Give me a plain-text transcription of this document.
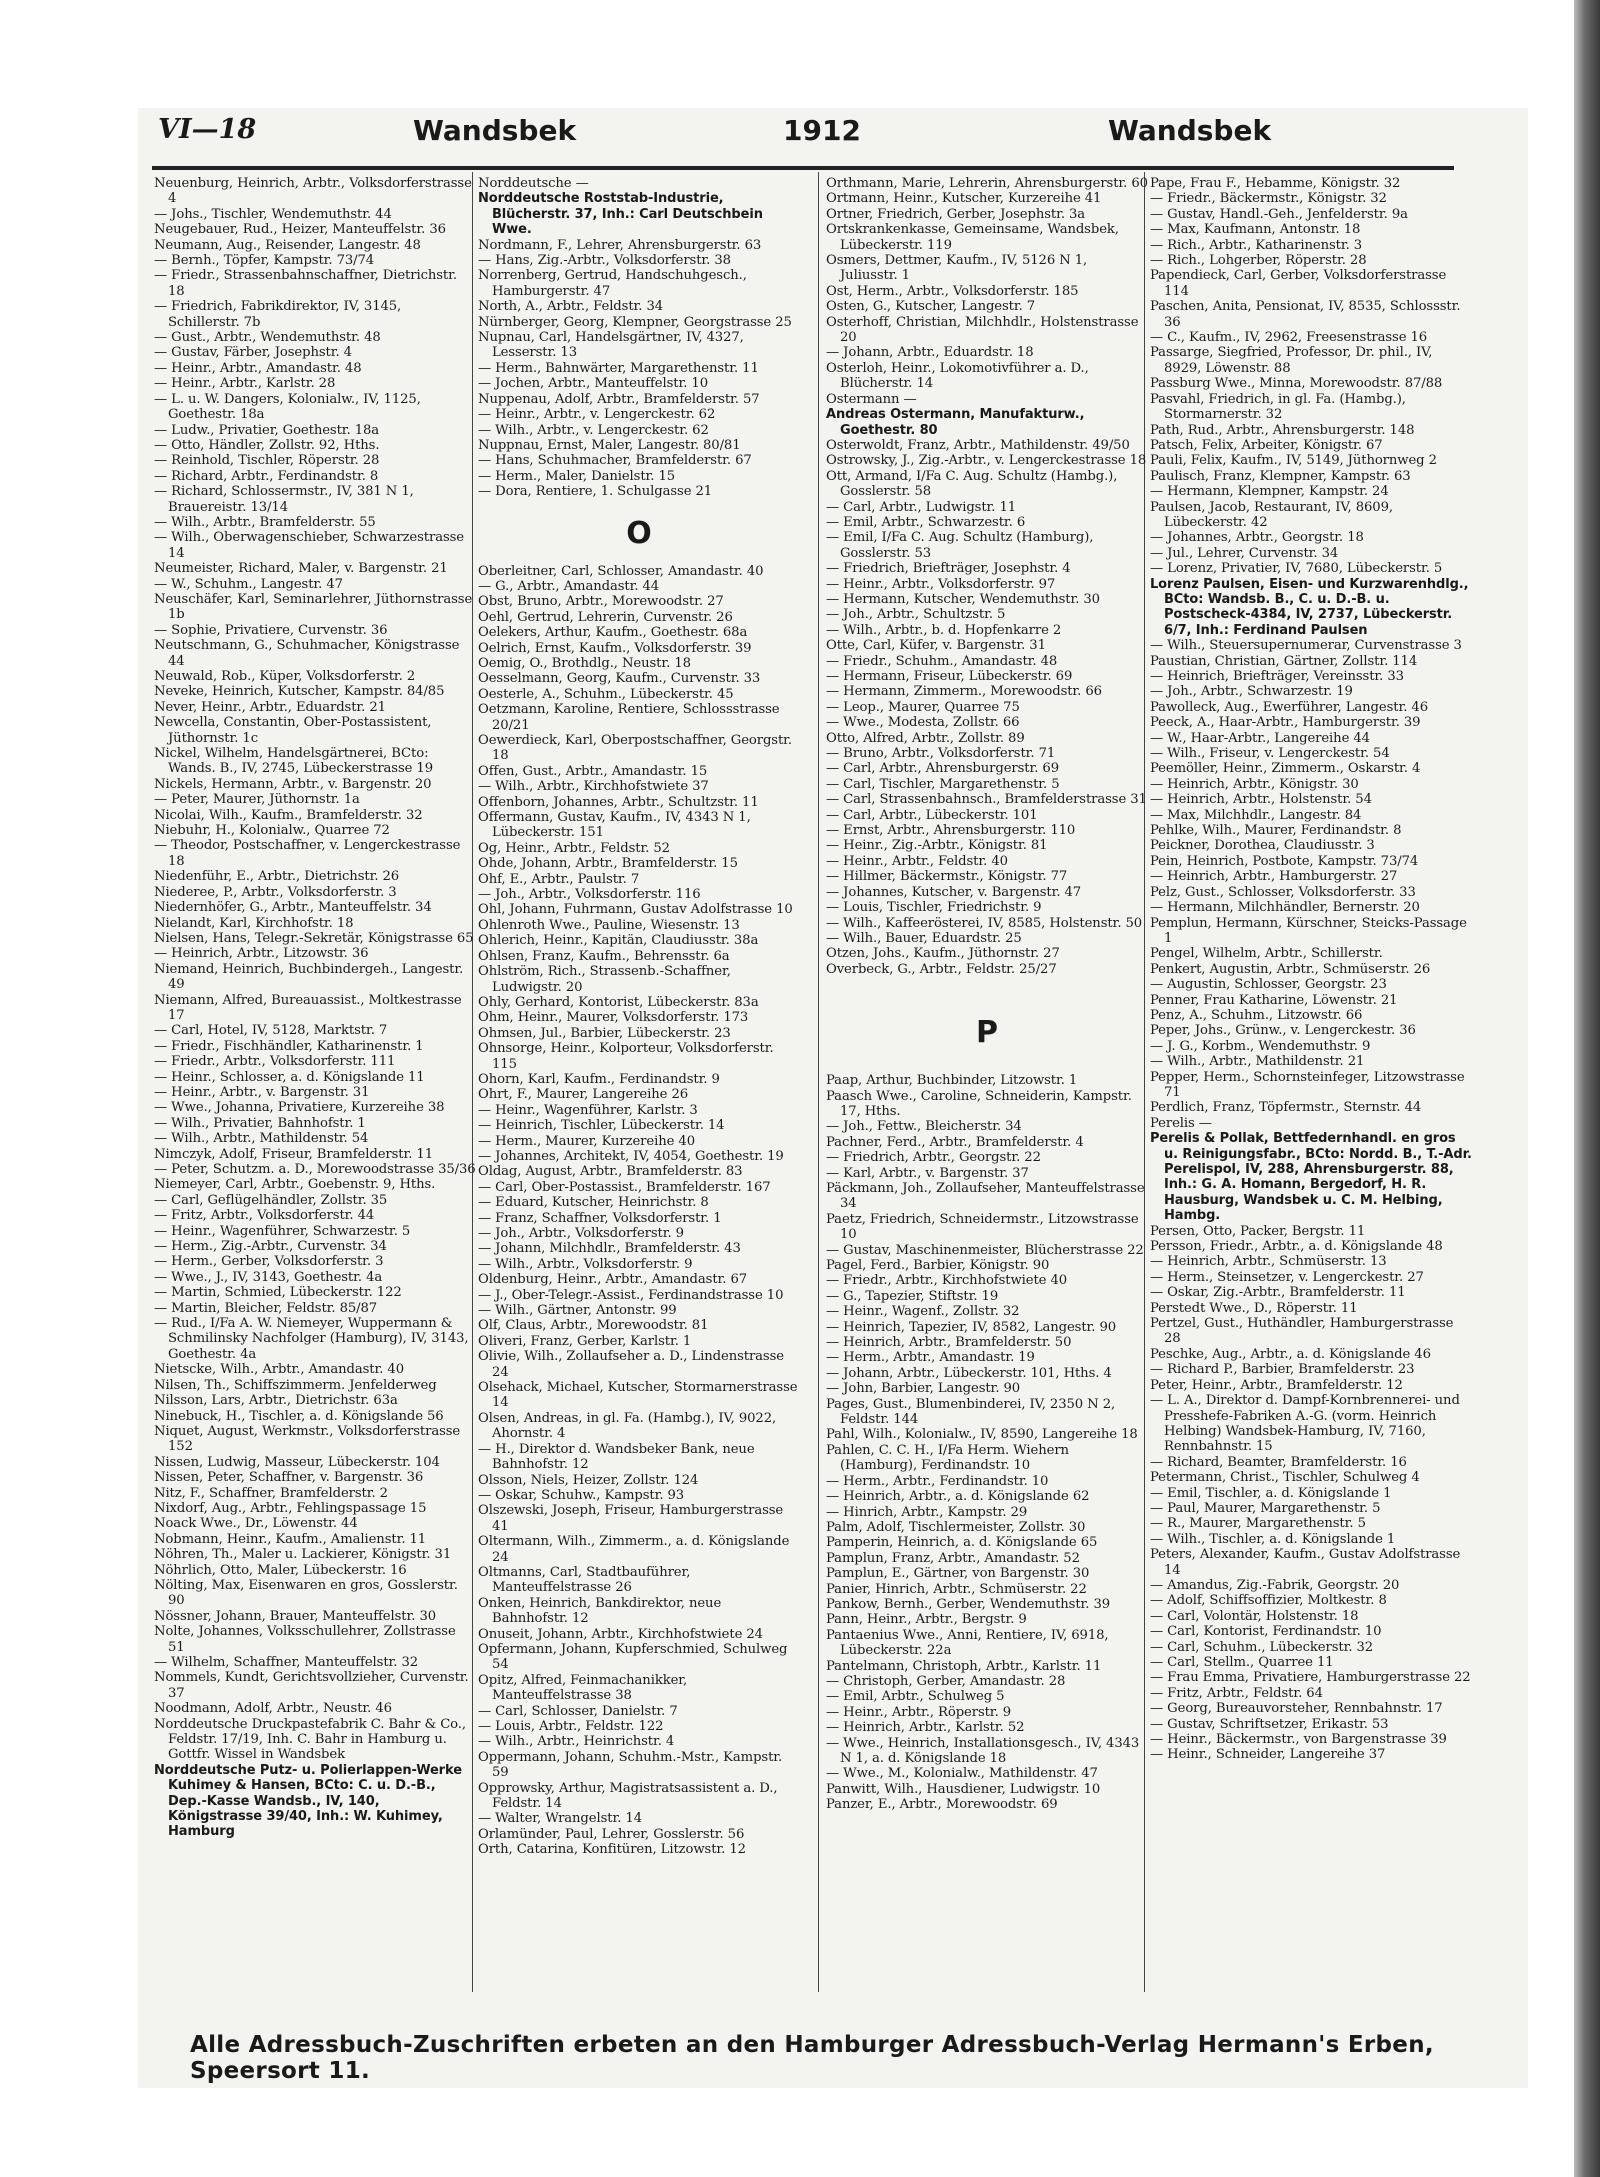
VI—18	Wandsbek	1912	Wandsbek

Neuenburg, Heinrich, Arbtr., Volksdorferstrasse 4

— Johs., Tischler, Wendemuthstr. 44

Neugebauer, Rud., Heizer, Manteuffelstr. 36

Neumann, Aug., Reisender, Langestr. 48

— Bernh., Töpfer, Kampstr. 73/74

— Friedr., Strassenbahnschaffner, Dietrichstr. 18

— Friedrich, Fabrikdirektor, IV, 3145, Schillerstr. 7b

— Gust., Arbtr., Wendemuthstr. 48

— Gustav, Färber, Josephstr. 4

— Heinr., Arbtr., Amandastr. 48

— Heinr., Arbtr., Karlstr. 28

— L. u. W. Dangers, Kolonialw., IV, 1125, Goethestr. 18a

— Ludw., Privatier, Goethestr. 18a

— Otto, Händler, Zollstr. 92, Hths.

— Reinhold, Tischler, Röperstr. 28

— Richard, Arbtr., Ferdinandstr. 8

— Richard, Schlossermstr., IV, 381 N 1, Brauereistr. 13/14

— Wilh., Arbtr., Bramfelderstr. 55

— Wilh., Oberwagenschieber, Schwarzestrasse 14

Neumeister, Richard, Maler, v. Bargenstr. 21

— W., Schuhm., Langestr. 47

Neuschäfer, Karl, Seminarlehrer, Jüthornstrasse 1b

— Sophie, Privatiere, Curvenstr. 36

Neutschmann, G., Schuhmacher, Königstrasse 44

Neuwald, Rob., Küper, Volksdorferstr. 2

Neveke, Heinrich, Kutscher, Kampstr. 84/85

Never, Heinr., Arbtr., Eduardstr. 21

Newcella, Constantin, Ober-Postassistent, Jüthornstr. 1c

Nickel, Wilhelm, Handelsgärtnerei, BCto: Wands. B., IV, 2745, Lübeckerstrasse 19

Nickels, Hermann, Arbtr., v. Bargenstr. 20

— Peter, Maurer, Jüthornstr. 1a

Nicolai, Wilh., Kaufm., Bramfelderstr. 32

Niebuhr, H., Kolonialw., Quarree 72

— Theodor, Postschaffner, v. Lengerckestrasse 18

Niedenführ, E., Arbtr., Dietrichstr. 26

Niederee, P., Arbtr., Volksdorferstr. 3

Niedernhöfer, G., Arbtr., Manteuffelstr. 34

Nielandt, Karl, Kirchhofstr. 18

Nielsen, Hans, Telegr.-Sekretär, Königstrasse 65

— Heinrich, Arbtr., Litzowstr. 36

Niemand, Heinrich, Buchbindergeh., Langestr. 49

Niemann, Alfred, Bureauassist., Moltkestrasse 17

— Carl, Hotel, IV, 5128, Marktstr. 7

— Friedr., Fischhändler, Katharinenstr. 1

— Friedr., Arbtr., Volksdorferstr. 111

— Heinr., Schlosser, a. d. Königslande 11

— Heinr., Arbtr., v. Bargenstr. 31

— Wwe., Johanna, Privatiere, Kurzereihe 38

— Wilh., Privatier, Bahnhofstr. 1

— Wilh., Arbtr., Mathildenstr. 54

Nimczyk, Adolf, Friseur, Bramfelderstr. 11

— Peter, Schutzm. a. D., Morewoodstrasse 35/36

Niemeyer, Carl, Arbtr., Goebenstr. 9, Hths.

— Carl, Geflügelhändler, Zollstr. 35

— Fritz, Arbtr., Volksdorferstr. 44

— Heinr., Wagenführer, Schwarzestr. 5

— Herm., Zig.-Arbtr., Curvenstr. 34

— Herm., Gerber, Volksdorferstr. 3

— Wwe., J., IV, 3143, Goethestr. 4a

— Martin, Schmied, Lübeckerstr. 122

— Martin, Bleicher, Feldstr. 85/87

— Rud., I/Fa A. W. Niemeyer, Wuppermann & Schmilinsky Nachfolger (Hamburg), IV, 3143, Goethestr. 4a

Nietscke, Wilh., Arbtr., Amandastr. 40

Nilsen, Th., Schiffszimmerm. Jenfelderweg

Nilsson, Lars, Arbtr., Dietrichstr. 63a

Ninebuck, H., Tischler, a. d. Königslande 56

Niquet, August, Werkmstr., Volksdorferstrasse 152

Nissen, Ludwig, Masseur, Lübeckerstr. 104

Nissen, Peter, Schaffner, v. Bargenstr. 36

Nitz, F., Schaffner, Bramfelderstr. 2

Nixdorf, Aug., Arbtr., Fehlingspassage 15

Noack Wwe., Dr., Löwenstr. 44

Nobmann, Heinr., Kaufm., Amalienstr. 11

Nöhren, Th., Maler u. Lackierer, Königstr. 31

Nöhrlich, Otto, Maler, Lübeckerstr. 16

Nölting, Max, Eisenwaren en gros, Gosslerstr. 90

Nössner, Johann, Brauer, Manteuffelstr. 30

Nolte, Johannes, Volksschullehrer, Zollstrasse 51

— Wilhelm, Schaffner, Manteuffelstr. 32

Nommels, Kundt, Gerichtsvollzieher, Curvenstr. 37

Noodmann, Adolf, Arbtr., Neustr. 46

Norddeutsche Druckpastefabrik C. Bahr & Co., Feldstr. 17/19, Inh. C. Bahr in Hamburg u. Gottfr. Wissel in Wandsbek

Norddeutsche Putz- u. Polierlappen-Werke Kuhimey & Hansen, BCto: C. u. D.-B., Dep.-Kasse Wandsb., IV, 140, Königstrasse 39/40, Inh.: W. Kuhimey, Hamburg

Norddeutsche —

Norddeutsche Roststab-Industrie, Blücherstr. 37, Inh.: Carl Deutschbein Wwe.

Nordmann, F., Lehrer, Ahrensburgerstr. 63

— Hans, Zig.-Arbtr., Volksdorferstr. 38

Norrenberg, Gertrud, Handschuhgesch., Hamburgerstr. 47

North, A., Arbtr., Feldstr. 34

Nürnberger, Georg, Klempner, Georgstrasse 25

Nupnau, Carl, Handelsgärtner, IV, 4327, Lesserstr. 13

— Herm., Bahnwärter, Margarethenstr. 11

— Jochen, Arbtr., Manteuffelstr. 10

Nuppenau, Adolf, Arbtr., Bramfelderstr. 57

— Heinr., Arbtr., v. Lengerckestr. 62

— Wilh., Arbtr., v. Lengerckestr. 62

Nuppnau, Ernst, Maler, Langestr. 80/81

— Hans, Schuhmacher, Bramfelderstr. 67

— Herm., Maler, Danielstr. 15

— Dora, Rentiere, 1. Schulgasse 21

O

Oberleitner, Carl, Schlosser, Amandastr. 40

— G., Arbtr., Amandastr. 44

Obst, Bruno, Arbtr., Morewoodstr. 27

Oehl, Gertrud, Lehrerin, Curvenstr. 26

Oelekers, Arthur, Kaufm., Goethestr. 68a

Oelrich, Ernst, Kaufm., Volksdorferstr. 39

Oemig, O., Brothdlg., Neustr. 18

Oesselmann, Georg, Kaufm., Curvenstr. 33

Oesterle, A., Schuhm., Lübeckerstr. 45

Oetzmann, Karoline, Rentiere, Schlossstrasse 20/21

Oewerdieck, Karl, Oberpostschaffner, Georgstr. 18

Offen, Gust., Arbtr., Amandastr. 15

— Wilh., Arbtr., Kirchhofstwiete 37

Offenborn, Johannes, Arbtr., Schultzstr. 11

Offermann, Gustav, Kaufm., IV, 4343 N 1, Lübeckerstr. 151

Og, Heinr., Arbtr., Feldstr. 52

Ohde, Johann, Arbtr., Bramfelderstr. 15

Ohf, E., Arbtr., Paulstr. 7

— Joh., Arbtr., Volksdorferstr. 116

Ohl, Johann, Fuhrmann, Gustav Adolfstrasse 10

Ohlenroth Wwe., Pauline, Wiesenstr. 13

Ohlerich, Heinr., Kapitän, Claudiusstr. 38a

Ohlsen, Franz, Kaufm., Behrensstr. 6a

Ohlström, Rich., Strassenb.-Schaffner, Ludwigstr. 20

Ohly, Gerhard, Kontorist, Lübeckerstr. 83a

Ohm, Heinr., Maurer, Volksdorferstr. 173

Ohmsen, Jul., Barbier, Lübeckerstr. 23

Ohnsorge, Heinr., Kolporteur, Volksdorferstr. 115

Ohorn, Karl, Kaufm., Ferdinandstr. 9

Ohrt, F., Maurer, Langereihe 26

— Heinr., Wagenführer, Karlstr. 3

— Heinrich, Tischler, Lübeckerstr. 14

— Herm., Maurer, Kurzereihe 40

— Johannes, Architekt, IV, 4054, Goethestr. 19

Oldag, August, Arbtr., Bramfelderstr. 83

— Carl, Ober-Postassist., Bramfelderstr. 167

— Eduard, Kutscher, Heinrichstr. 8

— Franz, Schaffner, Volksdorferstr. 1

— Joh., Arbtr., Volksdorferstr. 9

— Johann, Milchhdlr., Bramfelderstr. 43

— Wilh., Arbtr., Volksdorferstr. 9

Oldenburg, Heinr., Arbtr., Amandastr. 67

— J., Ober-Telegr.-Assist., Ferdinandstrasse 10

— Wilh., Gärtner, Antonstr. 99

Olf, Claus, Arbtr., Morewoodstr. 81

Oliveri, Franz, Gerber, Karlstr. 1

Olivie, Wilh., Zollaufseher a. D., Lindenstrasse 24

Olsehack, Michael, Kutscher, Stormarnerstrasse 14

Olsen, Andreas, in gl. Fa. (Hambg.), IV, 9022, Ahornstr. 4

— H., Direktor d. Wandsbeker Bank, neue Bahnhofstr. 12

Olsson, Niels, Heizer, Zollstr. 124

— Oskar, Schuhw., Kampstr. 93

Olszewski, Joseph, Friseur, Hamburgerstrasse 41

Oltermann, Wilh., Zimmerm., a. d. Königslande 24

Oltmanns, Carl, Stadtbauführer, Manteuffelstrasse 26

Onken, Heinrich, Bankdirektor, neue Bahnhofstr. 12

Onuseit, Johann, Arbtr., Kirchhofstwiete 24

Opfermann, Johann, Kupferschmied, Schulweg 54

Opitz, Alfred, Feinmachanikker, Manteuffelstrasse 38

— Carl, Schlosser, Danielstr. 7

— Louis, Arbtr., Feldstr. 122

— Wilh., Arbtr., Heinrichstr. 4

Oppermann, Johann, Schuhm.-Mstr., Kampstr. 59

Opprowsky, Arthur, Magistratsassistent a. D., Feldstr. 14

— Walter, Wrangelstr. 14

Orlamünder, Paul, Lehrer, Gosslerstr. 56

Orth, Catarina, Konfitüren, Litzowstr. 12

Orthmann, Marie, Lehrerin, Ahrensburgerstr. 60

Ortmann, Heinr., Kutscher, Kurzereihe 41

Ortner, Friedrich, Gerber, Josephstr. 3a

Ortskrankenkasse, Gemeinsame, Wandsbek, Lübeckerstr. 119

Osmers, Dettmer, Kaufm., IV, 5126 N 1, Juliusstr. 1

Ost, Herm., Arbtr., Volksdorferstr. 185

Osten, G., Kutscher, Langestr. 7

Osterhoff, Christian, Milchhdlr., Holstenstrasse 20

— Johann, Arbtr., Eduardstr. 18

Osterloh, Heinr., Lokomotivführer a. D., Blücherstr. 14

Ostermann —

Andreas Ostermann, Manufakturw., Goethestr. 80

Osterwoldt, Franz, Arbtr., Mathildenstr. 49/50

Ostrowsky, J., Zig.-Arbtr., v. Lengerckestrasse 18

Ott, Armand, I/Fa C. Aug. Schultz (Hambg.), Gosslerstr. 58

— Carl, Arbtr., Ludwigstr. 11

— Emil, Arbtr., Schwarzestr. 6

— Emil, I/Fa C. Aug. Schultz (Hamburg), Gosslerstr. 53

— Friedrich, Briefträger, Josephstr. 4

— Heinr., Arbtr., Volksdorferstr. 97

— Hermann, Kutscher, Wendemuthstr. 30

— Joh., Arbtr., Schultzstr. 5

— Wilh., Arbtr., b. d. Hopfenkarre 2

Otte, Carl, Küfer, v. Bargenstr. 31

— Friedr., Schuhm., Amandastr. 48

— Hermann, Friseur, Lübeckerstr. 69

— Hermann, Zimmerm., Morewoodstr. 66

— Leop., Maurer, Quarree 75

— Wwe., Modesta, Zollstr. 66

Otto, Alfred, Arbtr., Zollstr. 89

— Bruno, Arbtr., Volksdorferstr. 71

— Carl, Arbtr., Ahrensburgerstr. 69

— Carl, Tischler, Margarethenstr. 5

— Carl, Strassenbahnsch., Bramfelderstrasse 31

— Carl, Arbtr., Lübeckerstr. 101

— Ernst, Arbtr., Ahrensburgerstr. 110

— Heinr., Zig.-Arbtr., Königstr. 81

— Heinr., Arbtr., Feldstr. 40

— Hillmer, Bäckermstr., Königstr. 77

— Johannes, Kutscher, v. Bargenstr. 47

— Louis, Tischler, Friedrichstr. 9

— Wilh., Kaffeerösterei, IV, 8585, Holstenstr. 50

— Wilh., Bauer, Eduardstr. 25

Otzen, Johs., Kaufm., Jüthornstr. 27

Overbeck, G., Arbtr., Feldstr. 25/27

P

Paap, Arthur, Buchbinder, Litzowstr. 1

Paasch Wwe., Caroline, Schneiderin, Kampstr. 17, Hths.

— Joh., Fettw., Bleicherstr. 34

Pachner, Ferd., Arbtr., Bramfelderstr. 4

— Friedrich, Arbtr., Georgstr. 22

— Karl, Arbtr., v. Bargenstr. 37

Päckmann, Joh., Zollaufseher, Manteuffelstrasse 34

Paetz, Friedrich, Schneidermstr., Litzowstrasse 10

— Gustav, Maschinenmeister, Blücherstrasse 22

Pagel, Ferd., Barbier, Königstr. 90

— Friedr., Arbtr., Kirchhofstwiete 40

— G., Tapezier, Stiftstr. 19

— Heinr., Wagenf., Zollstr. 32

— Heinrich, Tapezier, IV, 8582, Langestr. 90

— Heinrich, Arbtr., Bramfelderstr. 50

— Herm., Arbtr., Amandastr. 19

— Johann, Arbtr., Lübeckerstr. 101, Hths. 4

— John, Barbier, Langestr. 90

Pages, Gust., Blumenbinderei, IV, 2350 N 2, Feldstr. 144

Pahl, Wilh., Kolonialw., IV, 8590, Langereihe 18

Pahlen, C. C. H., I/Fa Herm. Wiehern (Hamburg), Ferdinandstr. 10

— Herm., Arbtr., Ferdinandstr. 10

— Heinrich, Arbtr., a. d. Königslande 62

— Hinrich, Arbtr., Kampstr. 29

Palm, Adolf, Tischlermeister, Zollstr. 30

Pamperin, Heinrich, a. d. Königslande 65

Pamplun, Franz, Arbtr., Amandastr. 52

Pamplun, E., Gärtner, von Bargenstr. 30

Panier, Hinrich, Arbtr., Schmüserstr. 22

Pankow, Bernh., Gerber, Wendemuthstr. 39

Pann, Heinr., Arbtr., Bergstr. 9

Pantaenius Wwe., Anni, Rentiere, IV, 6918, Lübeckerstr. 22a

Pantelmann, Christoph, Arbtr., Karlstr. 11

— Christoph, Gerber, Amandastr. 28

— Emil, Arbtr., Schulweg 5

— Heinr., Arbtr., Röperstr. 9

— Heinrich, Arbtr., Karlstr. 52

— Wwe., Heinrich, Installationsgesch., IV, 4343 N 1, a. d. Königslande 18

— Wwe., M., Kolonialw., Mathildenstr. 47

Panwitt, Wilh., Hausdiener, Ludwigstr. 10

Panzer, E., Arbtr., Morewoodstr. 69

Pape, Frau F., Hebamme, Königstr. 32

— Friedr., Bäckermstr., Königstr. 32

— Gustav, Handl.-Geh., Jenfelderstr. 9a

— Max, Kaufmann, Antonstr. 18

— Rich., Arbtr., Katharinenstr. 3

— Rich., Lohgerber, Röperstr. 28

Papendieck, Carl, Gerber, Volksdorferstrasse 114

Paschen, Anita, Pensionat, IV, 8535, Schlossstr. 36

— C., Kaufm., IV, 2962, Freesenstrasse 16

Passarge, Siegfried, Professor, Dr. phil., IV, 8929, Löwenstr. 88

Passburg Wwe., Minna, Morewoodstr. 87/88

Pasvahl, Friedrich, in gl. Fa. (Hambg.), Stormarnerstr. 32

Path, Rud., Arbtr., Ahrensburgerstr. 148

Patsch, Felix, Arbeiter, Königstr. 67

Pauli, Felix, Kaufm., IV, 5149, Jüthornweg 2

Paulisch, Franz, Klempner, Kampstr. 63

— Hermann, Klempner, Kampstr. 24

Paulsen, Jacob, Restaurant, IV, 8609, Lübeckerstr. 42

— Johannes, Arbtr., Georgstr. 18

— Jul., Lehrer, Curvenstr. 34

— Lorenz, Privatier, IV, 7680, Lübeckerstr. 5

Lorenz Paulsen, Eisen- und Kurzwarenhdlg., BCto: Wandsb. B., C. u. D.-B. u. Postscheck-4384, IV, 2737, Lübeckerstr. 6/7, Inh.: Ferdinand Paulsen

— Wilh., Steuersupernumerar, Curvenstrasse 3

Paustian, Christian, Gärtner, Zollstr. 114

— Heinrich, Briefträger, Vereinsstr. 33

— Joh., Arbtr., Schwarzestr. 19

Pawolleck, Aug., Ewerführer, Langestr. 46

Peeck, A., Haar-Arbtr., Hamburgerstr. 39

— W., Haar-Arbtr., Langereihe 44

— Wilh., Friseur, v. Lengerckestr. 54

Peemöller, Heinr., Zimmerm., Oskarstr. 4

— Heinrich, Arbtr., Königstr. 30

— Heinrich, Arbtr., Holstenstr. 54

— Max, Milchhdlr., Langestr. 84

Pehlke, Wilh., Maurer, Ferdinandstr. 8

Peickner, Dorothea, Claudiusstr. 3

Pein, Heinrich, Postbote, Kampstr. 73/74

— Heinrich, Arbtr., Hamburgerstr. 27

Pelz, Gust., Schlosser, Volksdorferstr. 33

— Hermann, Milchhändler, Bernerstr. 20

Pemplun, Hermann, Kürschner, Steicks-Passage 1

Pengel, Wilhelm, Arbtr., Schillerstr.

Penkert, Augustin, Arbtr., Schmüserstr. 26

— Augustin, Schlosser, Georgstr. 23

Penner, Frau Katharine, Löwenstr. 21

Penz, A., Schuhm., Litzowstr. 66

Peper, Johs., Grünw., v. Lengerckestr. 36

— J. G., Korbm., Wendemuthstr. 9

— Wilh., Arbtr., Mathildenstr. 21

Pepper, Herm., Schornsteinfeger, Litzowstrasse 71

Perdlich, Franz, Töpfermstr., Sternstr. 44

Perelis —

Perelis & Pollak, Bettfedernhandl. en gros u. Reinigungsfabr., BCto: Nordd. B., T.-Adr. Perelispol, IV, 288, Ahrensburgerstr. 88, Inh.: G. A. Homann, Bergedorf, H. R. Hausburg, Wandsbek u. C. M. Helbing, Hambg.

Persen, Otto, Packer, Bergstr. 11

Persson, Friedr., Arbtr., a. d. Königslande 48

— Heinrich, Arbtr., Schmüserstr. 13

— Herm., Steinsetzer, v. Lengerckestr. 27

— Oskar, Zig.-Arbtr., Bramfelderstr. 11

Perstedt Wwe., D., Röperstr. 11

Pertzel, Gust., Huthändler, Hamburgerstrasse 28

Peschke, Aug., Arbtr., a. d. Königslande 46

— Richard P., Barbier, Bramfelderstr. 23

Peter, Heinr., Arbtr., Bramfelderstr. 12

— L. A., Direktor d. Dampf-Kornbrennerei- und Presshefe-Fabriken A.-G. (vorm. Heinrich Helbing) Wandsbek-Hamburg, IV, 7160, Rennbahnstr. 15

— Richard, Beamter, Bramfelderstr. 16

Petermann, Christ., Tischler, Schulweg 4

— Emil, Tischler, a. d. Königslande 1

— Paul, Maurer, Margarethenstr. 5

— R., Maurer, Margarethenstr. 5

— Wilh., Tischler, a. d. Königslande 1

Peters, Alexander, Kaufm., Gustav Adolfstrasse 14

— Amandus, Zig.-Fabrik, Georgstr. 20

— Adolf, Schiffsoffizier, Moltkestr. 8

— Carl, Volontär, Holstenstr. 18

— Carl, Kontorist, Ferdinandstr. 10

— Carl, Schuhm., Lübeckerstr. 32

— Carl, Stellm., Quarree 11

— Frau Emma, Privatiere, Hamburgerstrasse 22

— Fritz, Arbtr., Feldstr. 64

— Georg, Bureauvorsteher, Rennbahnstr. 17

— Gustav, Schriftsetzer, Erikastr. 53

— Heinr., Bäckermstr., von Bargenstrasse 39

— Heinr., Schneider, Langereihe 37

Alle Adressbuch-Zuschriften erbeten an den Hamburger Adressbuch-Verlag Hermann's Erben, Speersort 11.
